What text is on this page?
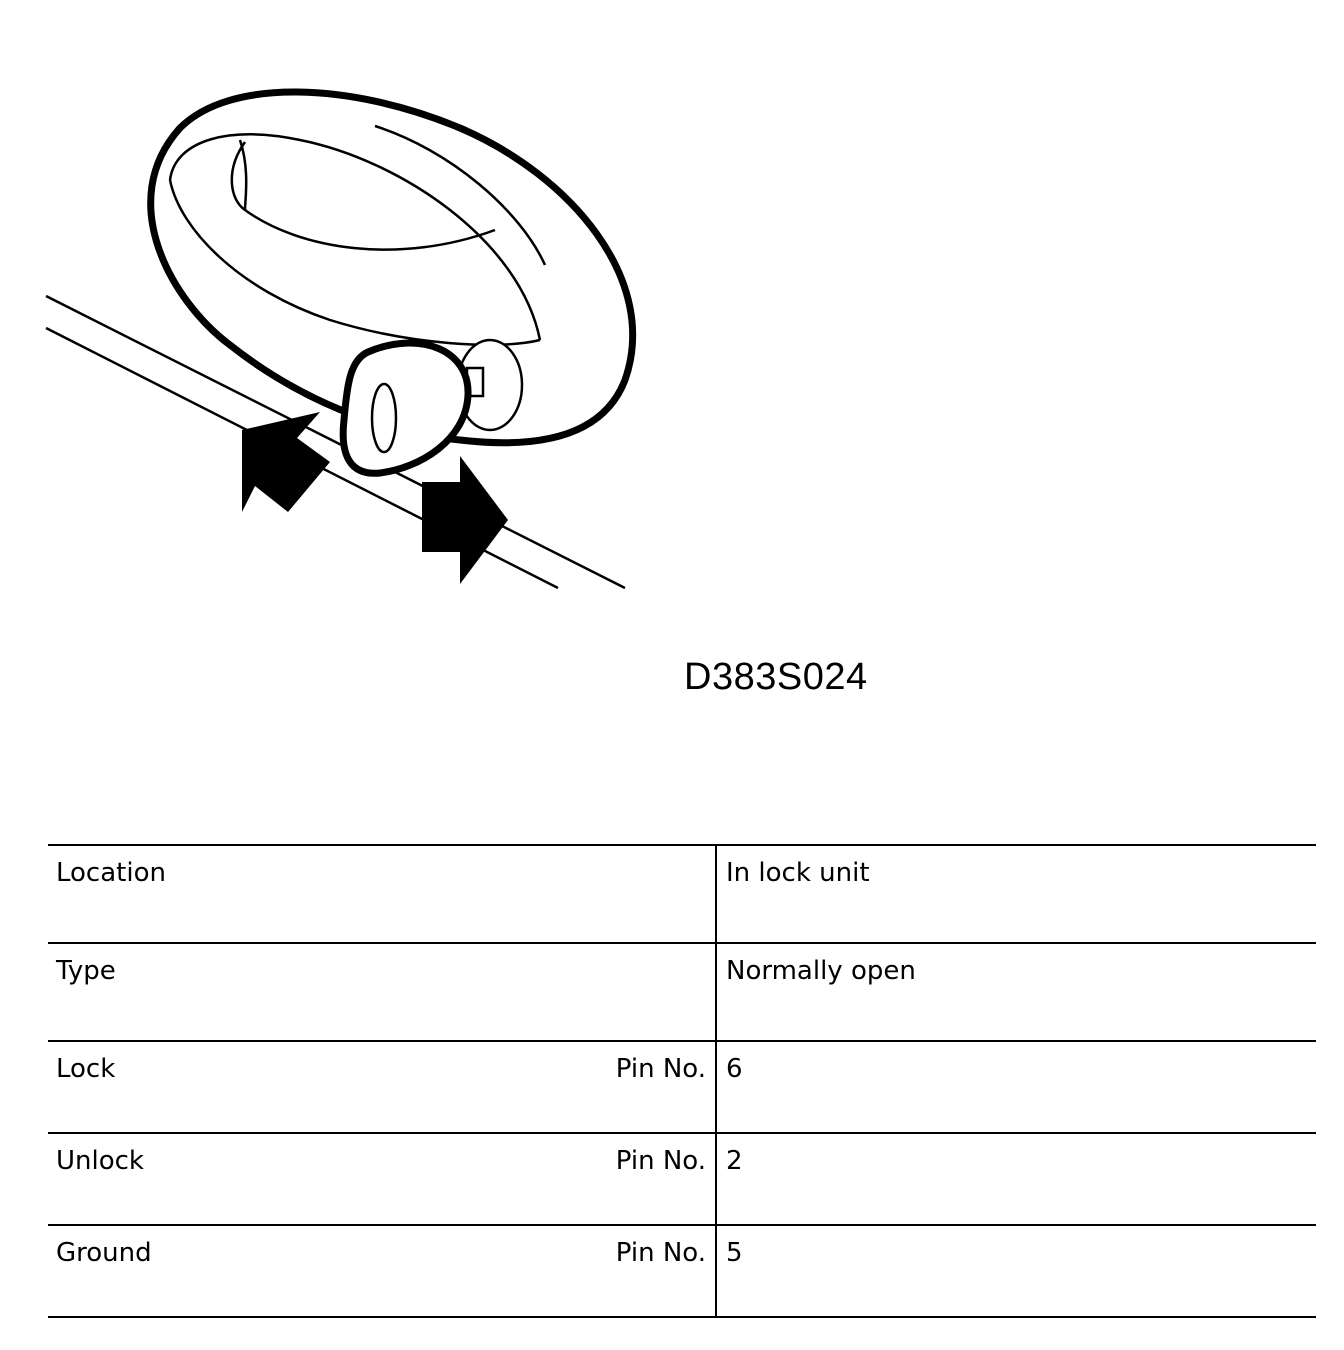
D383S024
Location	In lock unit
Type	Normally open
Lock Pin No.	6
Unlock Pin No.	2
Ground Pin No.	5
